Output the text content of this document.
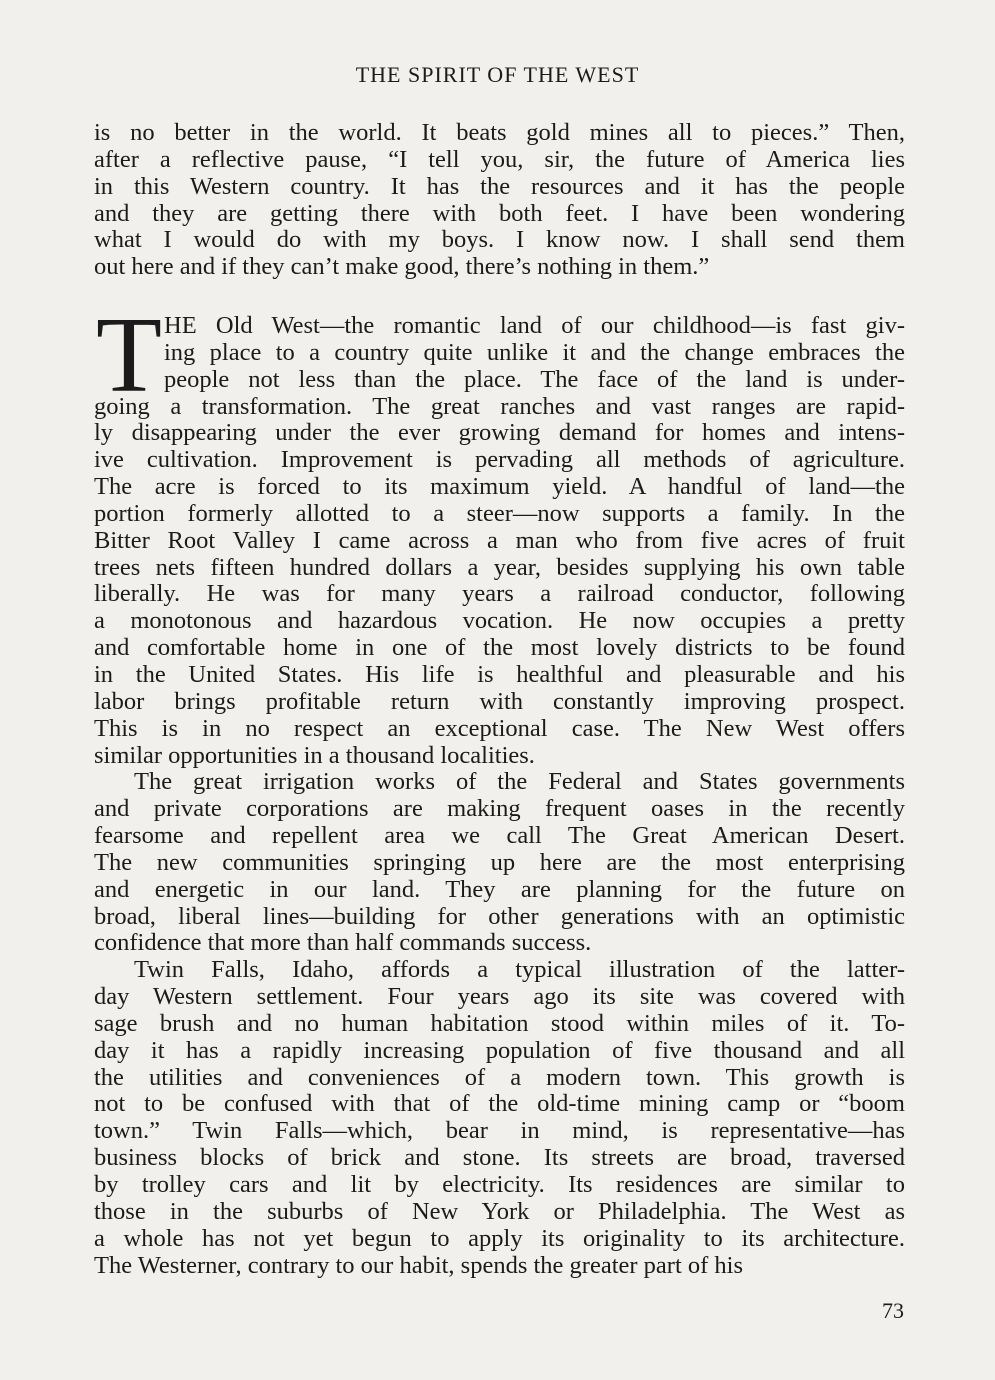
THE SPIRIT OF THE WEST
is no better in the world. It beats gold mines all to pieces.” Then,
after a reflective pause, “I tell you, sir, the future of America lies
in this Western country. It has the resources and it has the people
and they are getting there with both feet. I have been wondering
what I would do with my boys. I know now. I shall send them
out here and if they can’t make good, there’s nothing in them.”
T HE Old West—the romantic land of our childhood—is fast giv-
ing place to a country quite unlike it and the change embraces the
people not less than the place. The face of the land is under-
going a transformation. The great ranches and vast ranges are rapid-
ly disappearing under the ever growing demand for homes and intens-
ive cultivation. Improvement is pervading all methods of agriculture.
The acre is forced to its maximum yield. A handful of land—the
portion formerly allotted to a steer—now supports a family. In the
Bitter Root Valley I came across a man who from five acres of fruit
trees nets fifteen hundred dollars a year, besides supplying his own table
liberally. He was for many years a railroad conductor, following
a monotonous and hazardous vocation. He now occupies a pretty
and comfortable home in one of the most lovely districts to be found
in the United States. His life is healthful and pleasurable and his
labor brings profitable return with constantly improving prospect.
This is in no respect an exceptional case. The New West offers
similar opportunities in a thousand localities.
The great irrigation works of the Federal and States governments
and private corporations are making frequent oases in the recently
fearsome and repellent area we call The Great American Desert.
The new communities springing up here are the most enterprising
and energetic in our land. They are planning for the future on
broad, liberal lines—building for other generations with an optimistic
confidence that more than half commands success.
Twin Falls, Idaho, affords a typical illustration of the latter-
day Western settlement. Four years ago its site was covered with
sage brush and no human habitation stood within miles of it. To-
day it has a rapidly increasing population of five thousand and all
the utilities and conveniences of a modern town. This growth is
not to be confused with that of the old-time mining camp or “boom
town.” Twin Falls—which, bear in mind, is representative—has
business blocks of brick and stone. Its streets are broad, traversed
by trolley cars and lit by electricity. Its residences are similar to
those in the suburbs of New York or Philadelphia. The West as
a whole has not yet begun to apply its originality to its architecture.
The Westerner, contrary to our habit, spends the greater part of his
73
